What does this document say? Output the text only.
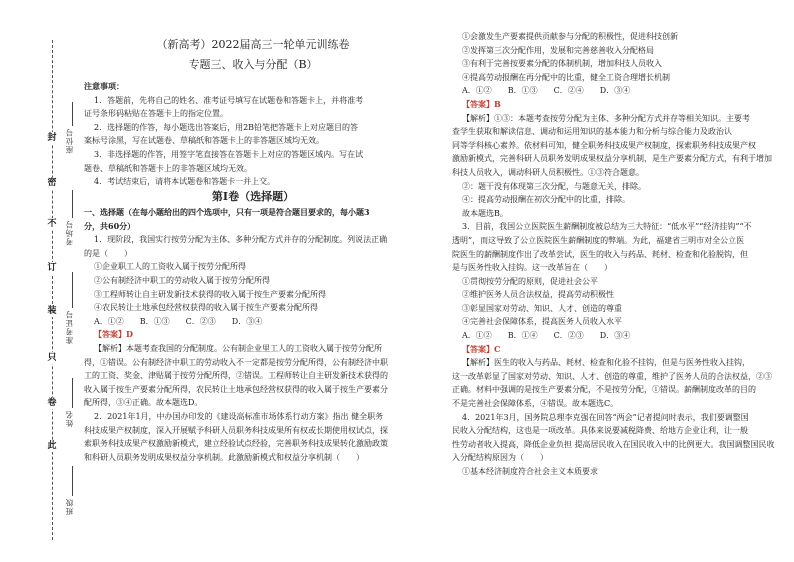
封
密
不
订
装
只
卷
此
座位号
考场号
准考证号
姓名
班级
（新高考）2022届高三一轮单元训练卷
专题三、收入与分配（B）

注意事项：

1．答题前，先将自己的姓名、准考证号填写在试题卷和答题卡上，并将准考

证号条形码粘贴在答题卡上的指定位置。

2．选择题的作答，每小题选出答案后，用2B铅笔把答题卡上对应题目的答

案标号涂黑，写在试题卷、草稿纸和答题卡上的非答题区域均无效。

3．非选择题的作答，用签字笔直接答在答题卡上对应的答题区域内。写在试

题卷、草稿纸和答题卡上的非答题区域均无效。

4．考试结束后，请将本试题卷和答题卡一并上交。

第Ⅰ卷（选择题）

一、选择题（在每小题给出的四个选项中，只有一项是符合题目要求的，每小题3

分，共60分）

1．现阶段，我国实行按劳分配为主体、多种分配方式并存的分配制度。列说法正确

的是（　　）

①企业职工人的工资收入属于按劳分配所得

②公有制经济中职工的劳动收入属于按劳分配所得

③工程师转让自主研发新技术获得的收入属于按生产要素分配所得

④农民转让土地承包经营权获得的收入属于按生产要素分配所得

A．①②　　B．①③　　C．②③　　D．③④

【答案】D

【解析】本题考查我国的分配制度。公有制企业里工人的工资收入属于按劳分配所

得，①错误。公有制经济中职工的劳动收入不一定都是按劳分配所得，公有制经济中职

工的工资、奖金、津贴属于按劳分配所得，②错误。工程师转让自主研发新技术获得的

收入属于按生产要素分配所得，农民转让土地承包经营权获得的收入属于按生产要素分

配所得，③④正确。故本题选D。

2．2021年1月，中办国办印发的《建设高标准市场体系行动方案》指出 健全职务

科技成果产权制度，深入开展赋予科研人员职务科技成果所有权或长期使用权试点，探

索职务科技成果产权激励新模式，建立经验试点经验，完善职务科技成果转化激励政策

和科研人员职务发明成果权益分享机制。此激励新模式和权益分享机制（　　）

①会激发生产要素提供贡献参与分配的积极性，促进科技创新

②发挥第三次分配作用，发展和完善慈善收入分配格局

③有利于完善按要素分配的体制机制，增加科技人员收入

④提高劳动报酬在再分配中的比重，健全工资合理增长机制

A．①②　　B．①③　　C．②④　　D．③④

【答案】B

【解析】①③：本题考查按劳分配为主体、多种分配方式并存等相关知识。主要考

查学生获取和解读信息、调动和运用知识的基本能力和分析与综合能力及政治认

同等学科核心素养。依材料可知，健全职务科技成果产权制度，探索职务科技成果产权

激励新模式，完善科研人员职务发明成果权益分享机制，是生产要素分配方式，有利于增加

科技人员收入，调动科研人员积极性。①③符合题意。

②：题干没有体现第三次分配，与题意无关，排除。

④：提高劳动报酬在初次分配中的比重，排除。

故本题选B。

3．目前，我国公立医院医生薪酬制度被总结为三大特征：“低水平”“经济挂钩”“不

透明”，而这导致了公立医院医生薪酬制度的弊端。为此，福建省三明市对全公立医

院医生的薪酬制度作出了改革尝试，医生的收入与药品、耗材、检查和化验脱钩，但

是与医务性收入挂钩。这一改革旨在（　　）

①贯彻按劳分配的原则，促进社会公平

②维护医务人员合法权益，提高劳动积极性

③彰显国家对劳动、知识、人才、创造的尊重

④完善社会保障体系，提高医务人员收入水平

A．①②　　B．①④　　C．②③　　D．③④

【答案】C

【解析】医生的收入与药品、耗材、检查和化验不挂钩，但是与医务性收入挂钩，

这一改革彰显了国家对劳动、知识、人才、创造的尊重，维护了医务人员的合法权益，②③

正确。材料中强调的是按生产要素分配，不是按劳分配，①错误。薪酬制度改革的目的

不是完善社会保障体系，④错误。故本题选C。

4．2021年3月，国务院总理李克强在回答“两会”记者提问时表示，我们要调整国

民收入分配结构，这也是一项改革。具体来说要减税降费、给地方企业让利，让一般

性劳动者收入提高，降低企业负担 提高居民收入在国民收入中的比例更大。我国调整国民收入分配结构原因为（　　）

①基本经济制度符合社会主义本质要求
